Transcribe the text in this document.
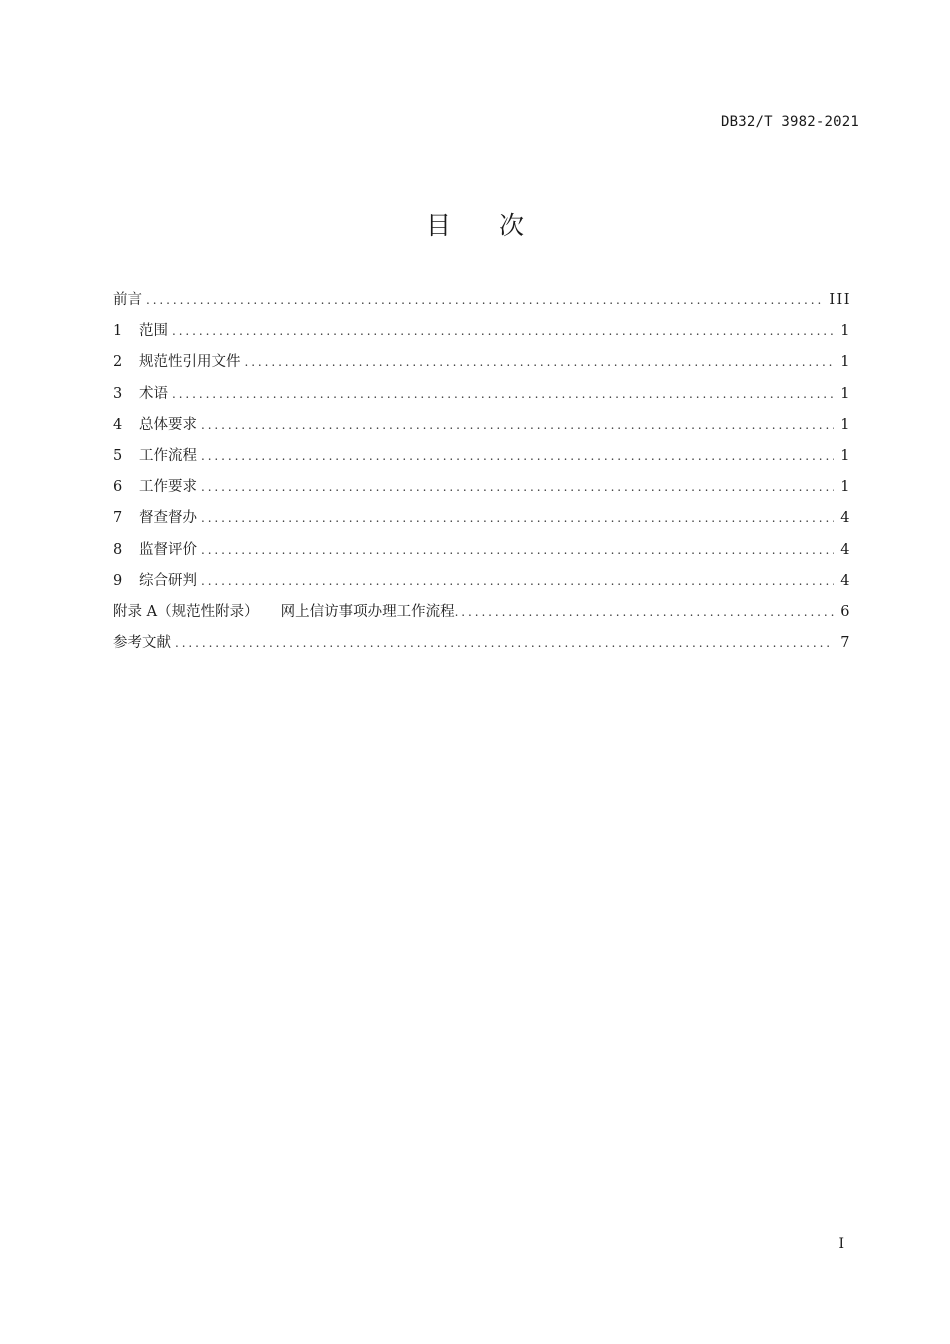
DB32/T 3982-2021
目次
前言 .....	III
1	范围 .....	1
2	规范性引用文件 .....	1
3	术语 .....	1
4	总体要求 .....	1
5	工作流程 .....	1
6	工作要求 .....	1
7	督查督办 .....	4
8	监督评价 .....	4
9	综合研判 .....	4
附录 A（规范性附录） 网上信访事项办理工作流程 .....	6
参考文献 .....	7
I
